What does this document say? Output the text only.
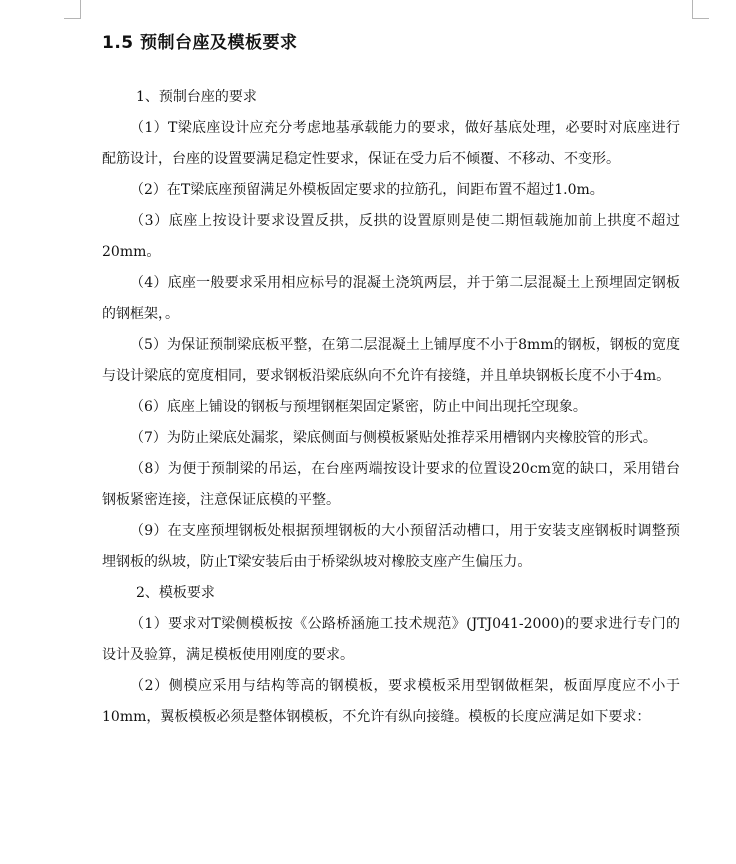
1.5 预制台座及模板要求

1、预制台座的要求

（1）T梁底座设计应充分考虑地基承载能力的要求，做好基底处理，必要时对底座进行配筋设计，台座的设置要满足稳定性要求，保证在受力后不倾覆、不移动、不变形。

（2）在T梁底座预留满足外模板固定要求的拉筋孔，间距布置不超过1.0m。

（3）底座上按设计要求设置反拱，反拱的设置原则是使二期恒载施加前上拱度不超过20mm。

（4）底座一般要求采用相应标号的混凝土浇筑两层，并于第二层混凝土上预埋固定钢板的钢框架，。

（5）为保证预制梁底板平整，在第二层混凝土上铺厚度不小于8mm的钢板，钢板的宽度与设计梁底的宽度相同，要求钢板沿梁底纵向不允许有接缝，并且单块钢板长度不小于4m。

（6）底座上铺设的钢板与预埋钢框架固定紧密，防止中间出现托空现象。

（7）为防止梁底处漏浆，梁底侧面与侧模板紧贴处推荐采用槽钢内夹橡胶管的形式。

（8）为便于预制梁的吊运，在台座两端按设计要求的位置设20cm宽的缺口，采用错台钢板紧密连接，注意保证底模的平整。

（9）在支座预埋钢板处根据预埋钢板的大小预留活动槽口，用于安装支座钢板时调整预埋钢板的纵坡，防止T梁安装后由于桥梁纵坡对橡胶支座产生偏压力。

2、模板要求

（1）要求对T梁侧模板按《公路桥涵施工技术规范》(JTJ041-2000)的要求进行专门的设计及验算，满足模板使用刚度的要求。

（2）侧模应采用与结构等高的钢模板，要求模板采用型钢做框架，板面厚度应不小于10mm，翼板模板必须是整体钢模板，不允许有纵向接缝。模板的长度应满足如下要求：
